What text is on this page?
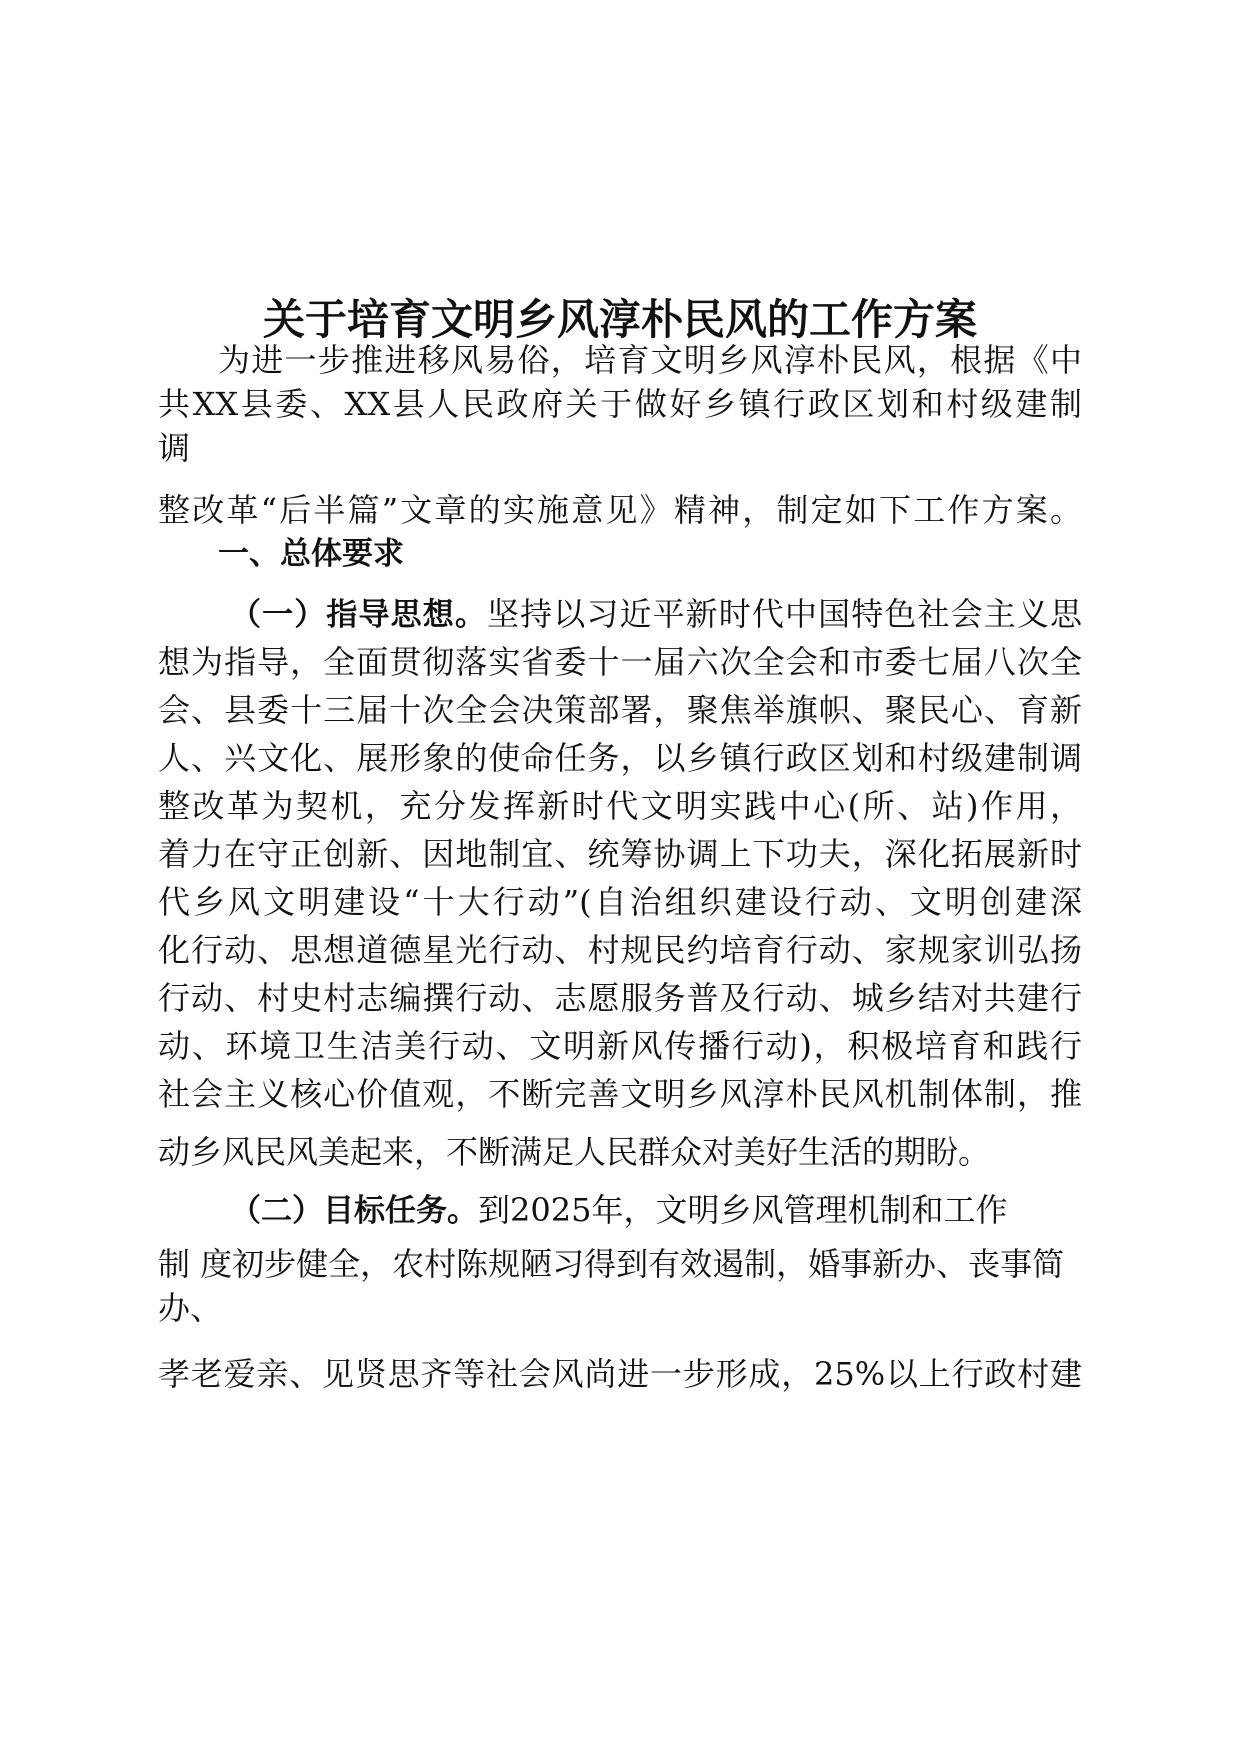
关于培育文明乡风淳朴民风的工作方案

为进一步推进移风易俗，培育文明乡风淳朴民风，根据《中

共XX县委、XX县人民政府关于做好乡镇行政区划和村级建制

调

整改革“后半篇”文章的实施意见》精神，制定如下工作方案。

一、总体要求

（一）指导思想。坚持以习近平新时代中国特色社会主义思

想为指导，全面贯彻落实省委十一届六次全会和市委七届八次全

会、县委十三届十次全会决策部署，聚焦举旗帜、聚民心、育新

人、兴文化、展形象的使命任务，以乡镇行政区划和村级建制调

整改革为契机，充分发挥新时代文明实践中心(所、站)作用，

着力在守正创新、因地制宜、统筹协调上下功夫，深化拓展新时

代乡风文明建设“十大行动”(自治组织建设行动、文明创建深

化行动、思想道德星光行动、村规民约培育行动、家规家训弘扬

行动、村史村志编撰行动、志愿服务普及行动、城乡结对共建行

动、环境卫生洁美行动、文明新风传播行动)，积极培育和践行

社会主义核心价值观，不断完善文明乡风淳朴民风机制体制，推

动乡风民风美起来，不断满足人民群众对美好生活的期盼。

（二）目标任务。到2025年，文明乡风管理机制和工作

制 度初步健全，农村陈规陋习得到有效遏制，婚事新办、丧事简

办、

孝老爱亲、见贤思齐等社会风尚进一步形成，25%以上行政村建
